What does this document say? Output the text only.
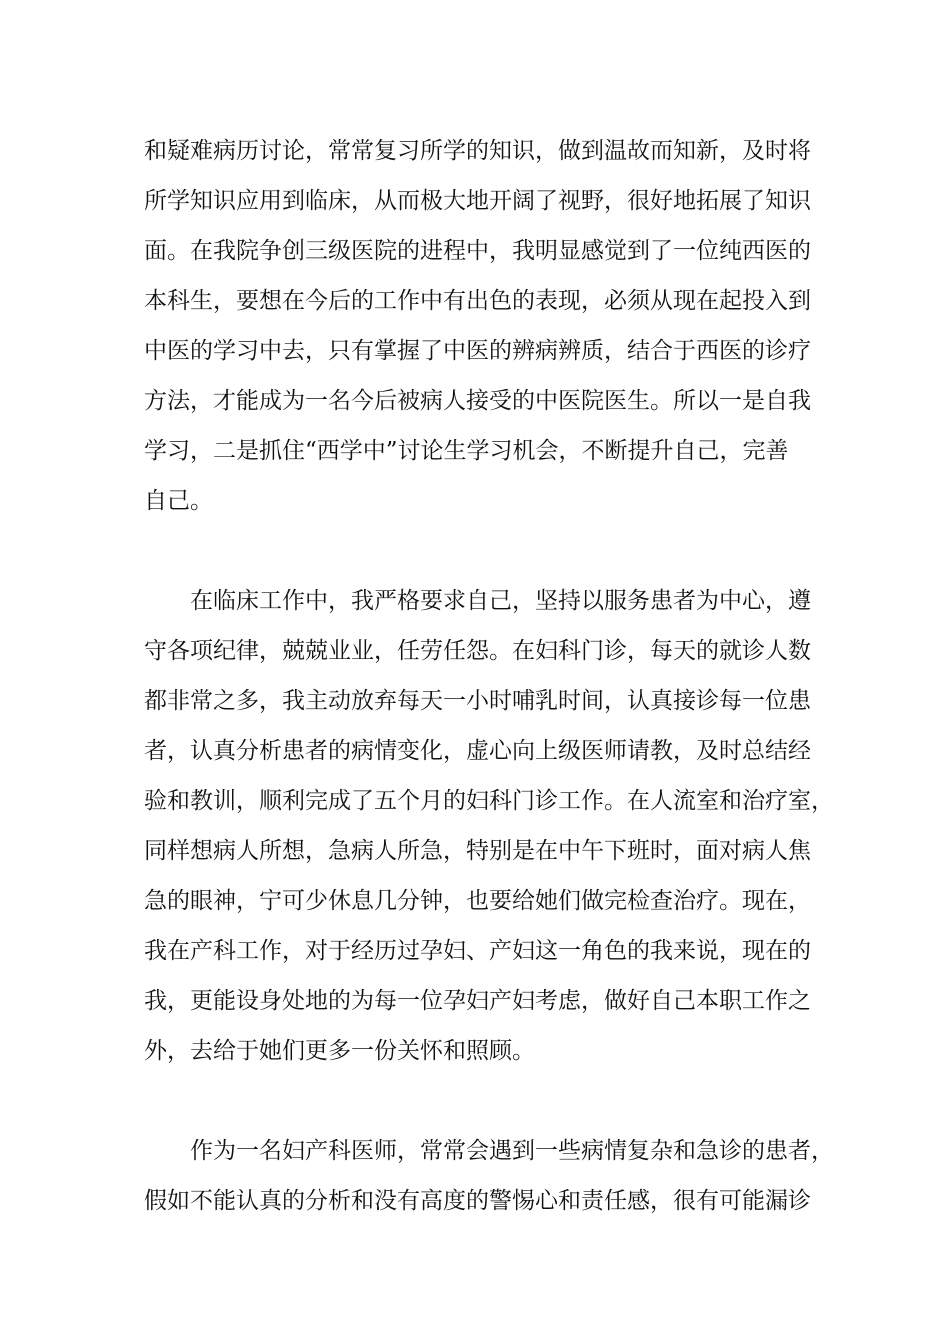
和疑难病历讨论，常常复习所学的知识，做到温故而知新，及时将
所学知识应用到临床，从而极大地开阔了视野，很好地拓展了知识
面。在我院争创三级医院的进程中，我明显感觉到了一位纯西医的
本科生，要想在今后的工作中有出色的表现，必须从现在起投入到
中医的学习中去，只有掌握了中医的辨病辨质，结合于西医的诊疗
方法，才能成为一名今后被病人接受的中医院医生。所以一是自我
学习，二是抓住“西学中”讨论生学习机会，不断提升自己，完善
自己。
在临床工作中，我严格要求自己，坚持以服务患者为中心，遵
守各项纪律，兢兢业业，任劳任怨。在妇科门诊，每天的就诊人数
都非常之多，我主动放弃每天一小时哺乳时间，认真接诊每一位患
者，认真分析患者的病情变化，虚心向上级医师请教，及时总结经
验和教训，顺利完成了五个月的妇科门诊工作。在人流室和治疗室，
同样想病人所想，急病人所急，特别是在中午下班时，面对病人焦
急的眼神，宁可少休息几分钟，也要给她们做完检查治疗。现在，
我在产科工作，对于经历过孕妇、产妇这一角色的我来说，现在的
我，更能设身处地的为每一位孕妇产妇考虑，做好自己本职工作之
外，去给于她们更多一份关怀和照顾。
作为一名妇产科医师，常常会遇到一些病情复杂和急诊的患者，
假如不能认真的分析和没有高度的警惕心和责任感，很有可能漏诊
